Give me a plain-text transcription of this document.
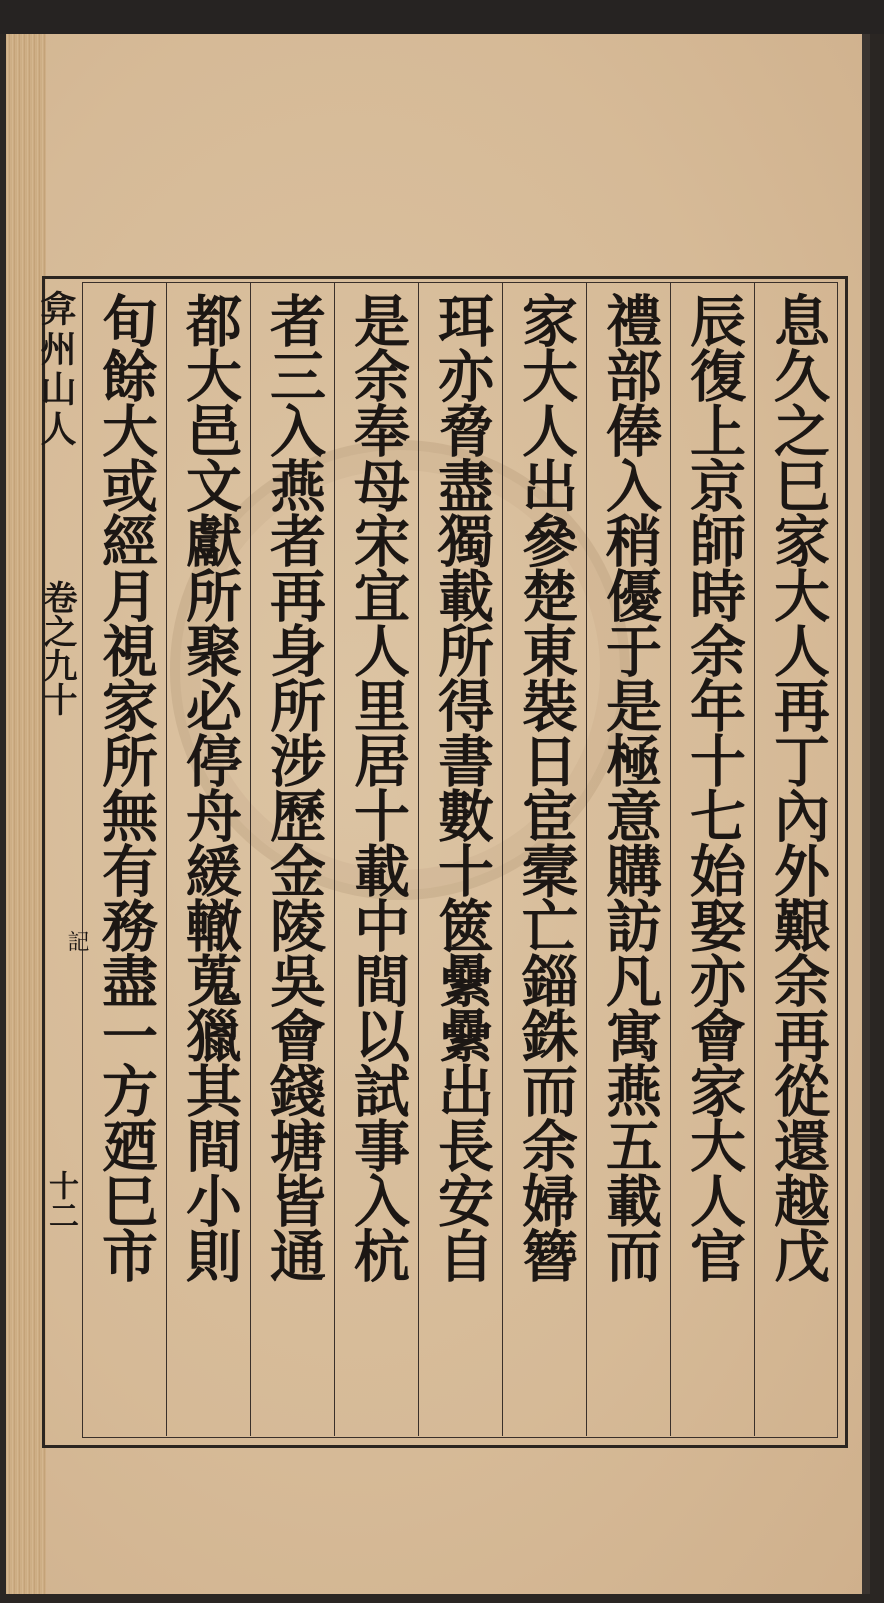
弇州山人
卷之九十
記
十二	息久之巳家大人再丁內外艱余再從還越戊
辰復上京師時余年十七始娶亦會家大人官
禮部俸入稍優于是極意購訪凡寓燕五載而
家大人出參楚東裝日宦槖亡錙銖而余婦簪
珥亦脅盡獨載所得書數十篋纍纍出長安自
是余奉母宋宜人里居十載中間以試事入杭
者三入燕者再身所涉歷金陵吳會錢塘皆通
都大邑文獻所聚必停舟緩轍蒐獵其間小則
旬餘大或經月視家所無有務盡一方廼巳市
